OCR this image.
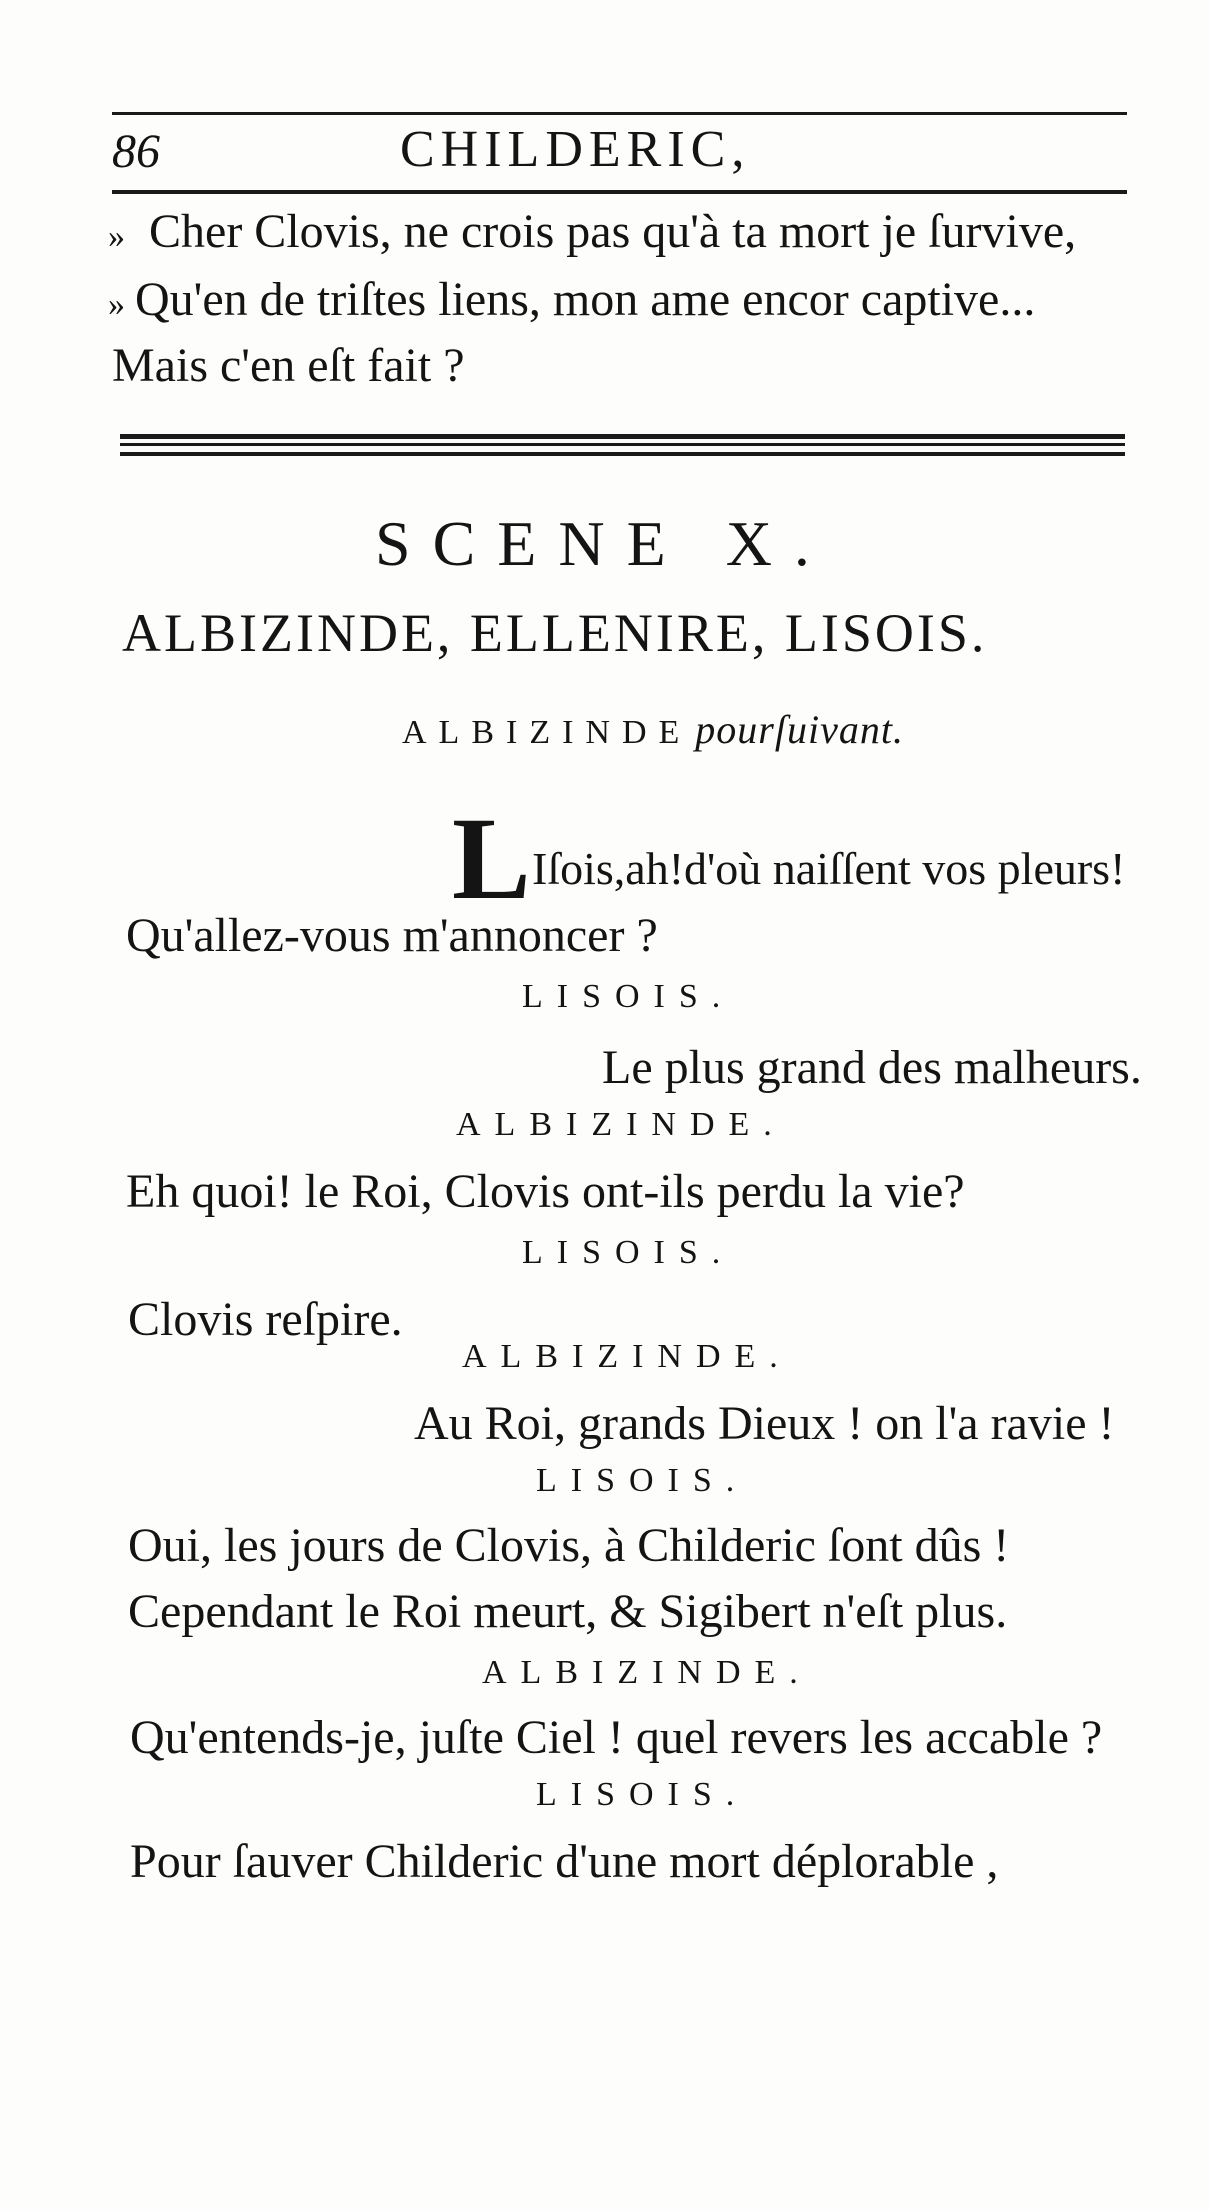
86	CHILDERIC,
» Cher Clovis, ne crois pas qu'à ta mort je ſurvive,
» Qu'en de triſtes liens, mon ame encor captive...
Mais c'en eſt fait ?
SCENE X.
ALBIZINDE, ELLENIRE, LISOIS.
ALBIZINDE pourſuivant.
L Iſois,ah!d'où naiſſent vos pleurs!
Qu'allez-vous m'annoncer ?
LISOIS.
Le plus grand des malheurs.
ALBIZINDE.
Eh quoi! le Roi, Clovis ont-ils perdu la vie?
LISOIS.
Clovis reſpire.
ALBIZINDE.
Au Roi, grands Dieux ! on l'a ravie !
LISOIS.
Oui, les jours de Clovis, à Childeric ſont dûs !
Cependant le Roi meurt, & Sigibert n'eſt plus.
ALBIZINDE.
Qu'entends-je, juſte Ciel ! quel revers les accable ?
LISOIS.
Pour ſauver Childeric d'une mort déplorable ,
